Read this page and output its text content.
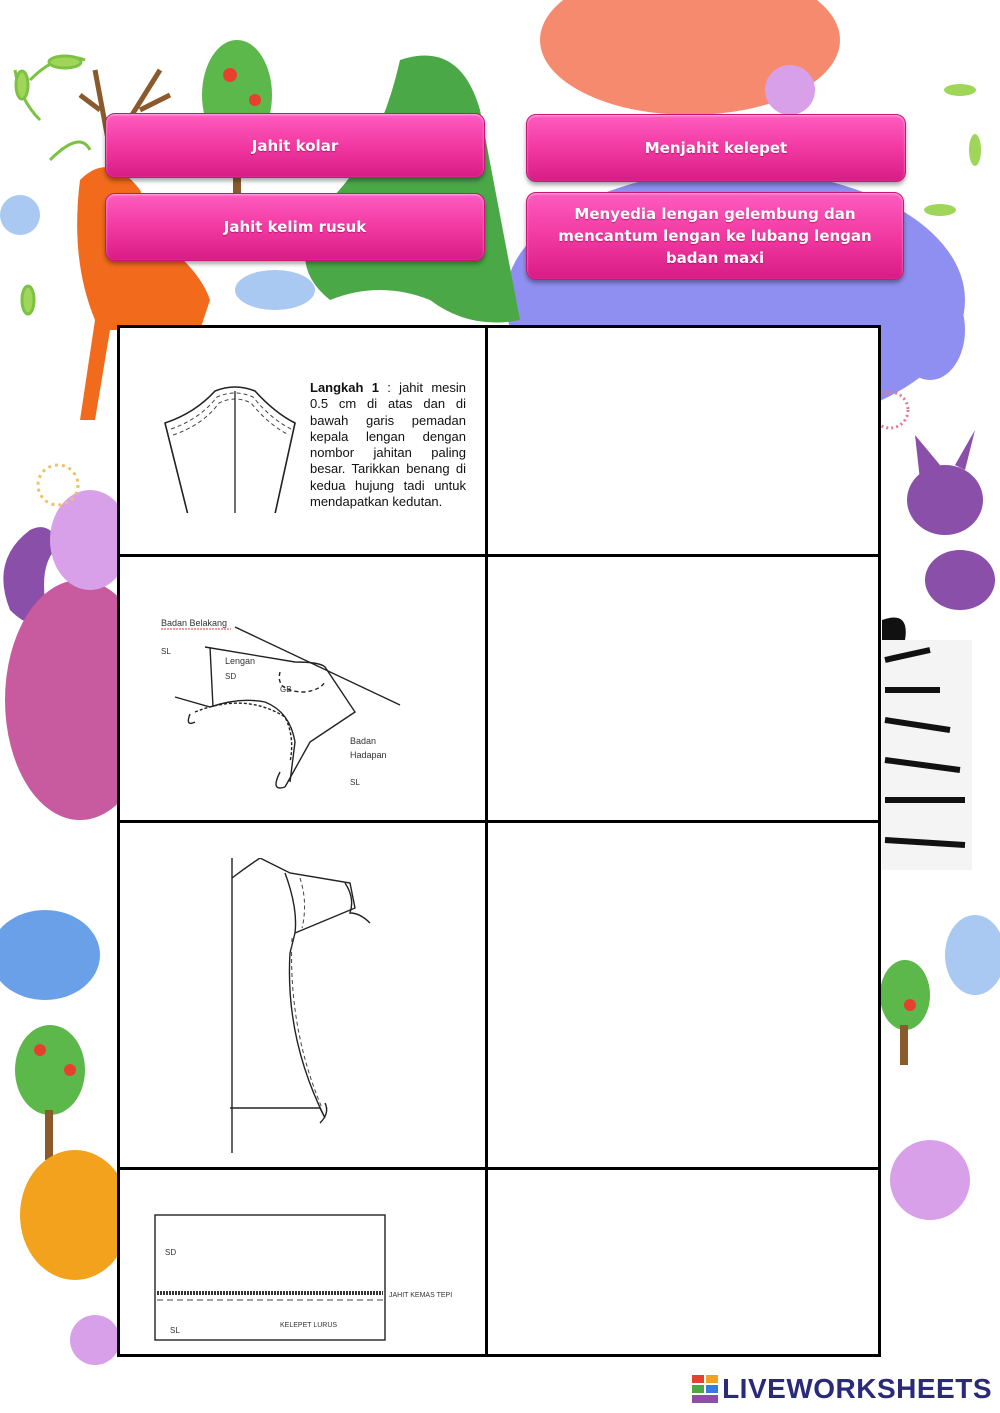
Jahit kolar	Menjahit kelepet
Jahit kelim rusuk
Menyedia lengan gelembung dan mencantum lengan ke lubang lengan badan maxi
Langkah 1 : jahit mesin 0.5 cm di atas dan di bawah garis pemadan kepala lengan dengan nombor jahitan paling besar. Tarikkan benang di kedua hujung tadi untuk mendapatkan kedutan.
Badan Belakang
SL
Lengan
SD
GB
Badan
Hadapan
SL
SD
JAHIT KEMAS TEPI
SL
KELEPET LURUS
LIVEWORKSHEETS
